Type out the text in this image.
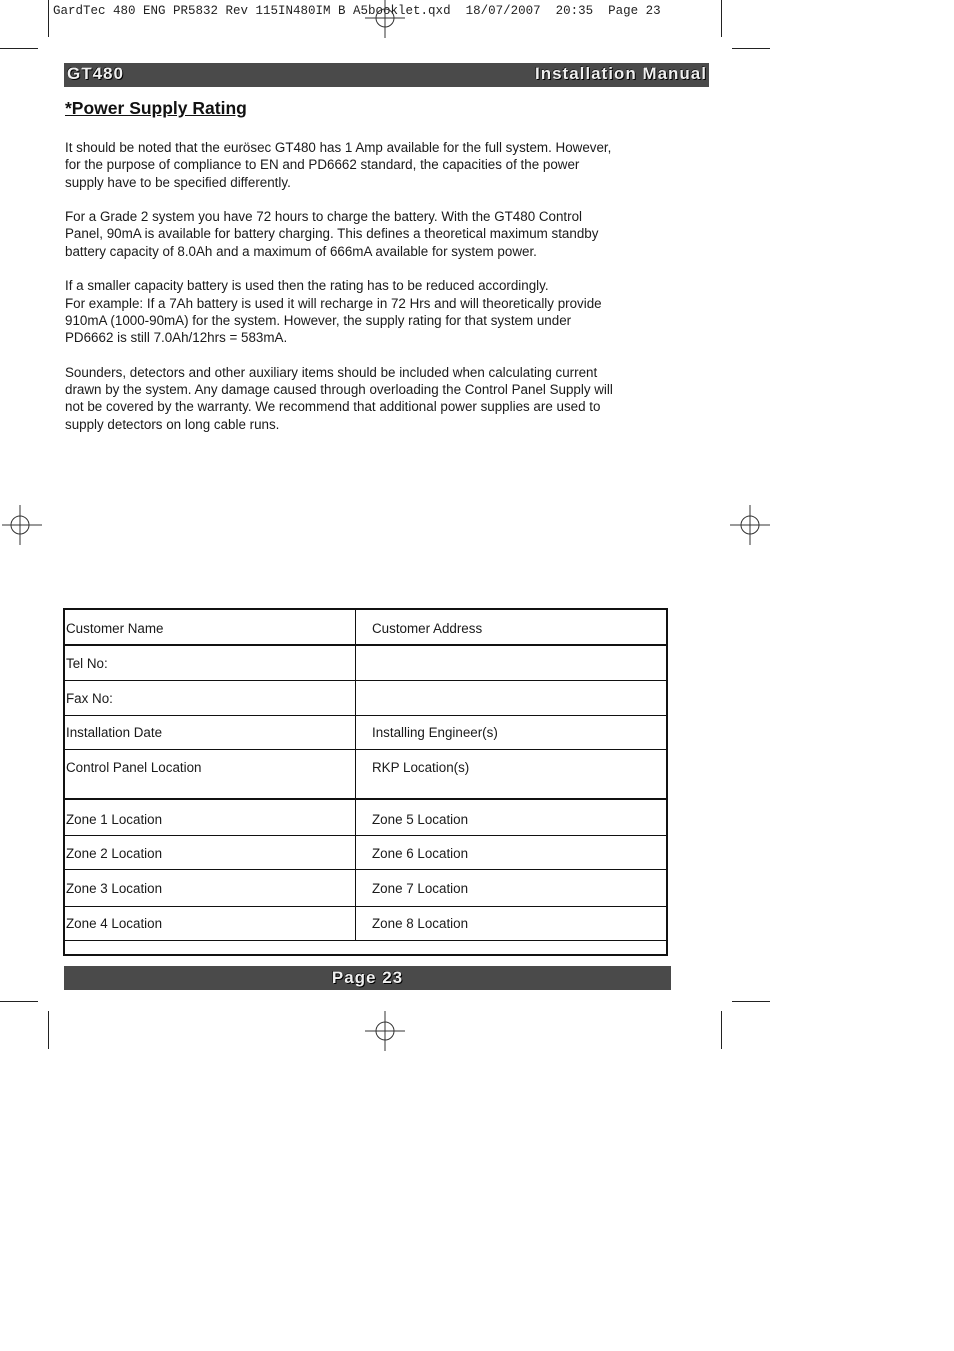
GardTec 480 ENG PR5832 Rev 115IN480IM B A5booklet.qxd  18/07/2007  20:35  Page 23
GT480	Installation Manual
*Power Supply Rating

It should be noted that the eurösec GT480 has 1 Amp available for the full system. However,
for the purpose of compliance to EN and PD6662 standard, the capacities of the power
supply have to be specified differently.

For a Grade 2 system you have 72 hours to charge the battery. With the GT480 Control
Panel, 90mA is available for battery charging. This defines a theoretical maximum standby
battery capacity of 8.0Ah and a maximum of 666mA available for system power.

If a smaller capacity battery is used then the rating has to be reduced accordingly.
For example: If a 7Ah battery is used it will recharge in 72 Hrs and will theoretically provide
910mA (1000-90mA) for the system. However, the supply rating for that system under
PD6662 is still 7.0Ah/12hrs = 583mA.

Sounders, detectors and other auxiliary items should be included when calculating current
drawn by the system. Any damage caused through overloading the Control Panel Supply will
not be covered by the warranty. We recommend that additional power supplies are used to
supply detectors on long cable runs.

Customer Name	Customer Address
Tel No:
Fax No:
Installation Date	Installing Engineer(s)
Control Panel Location	RKP Location(s)
Zone 1 Location	Zone 5 Location
Zone 2 Location	Zone 6 Location
Zone 3 Location	Zone 7 Location
Zone 4 Location	Zone 8 Location
Page 23
